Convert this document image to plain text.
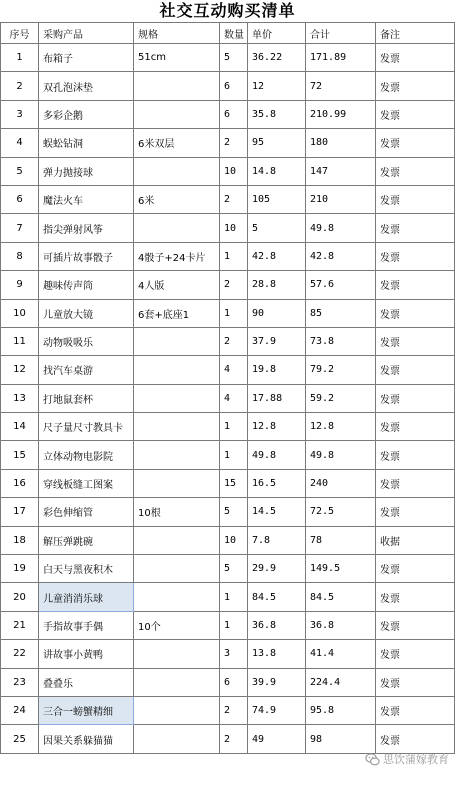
社交互动购买清单
序号	采购产品	规格	数量	单价	合计	备注
1	布箱子	51cm	5	36.22	171.89	发票
2	双孔泡沫垫		6	12	72	发票
3	多彩企鹅		6	35.8	210.99	发票
4	蜈蚣钻洞	6米双层	2	95	180	发票
5	弹力抛接球		10	14.8	147	发票
6	魔法火车	6米	2	105	210	发票
7	指尖弹射风筝		10	5	49.8	发票
8	可插片故事骰子	4骰子+24卡片	1	42.8	42.8	发票
9	趣味传声筒	4人版	2	28.8	57.6	发票
10	儿童放大镜	6套+底座1	1	90	85	发票
11	动物吸吸乐		2	37.9	73.8	发票
12	找汽车桌游		4	19.8	79.2	发票
13	打地鼠套杯		4	17.88	59.2	发票
14	尺子量尺寸教具卡		1	12.8	12.8	发票
15	立体动物电影院		1	49.8	49.8	发票
16	穿线板缝工图案		15	16.5	240	发票
17	彩色伸缩管	10根	5	14.5	72.5	发票
18	解压弹跳碗		10	7.8	78	收据
19	白天与黑夜积木		5	29.9	149.5	发票
20	儿童消消乐球		1	84.5	84.5	发票
21	手指故事手偶	10个	1	36.8	36.8	发票
22	讲故事小黄鸭		3	13.8	41.4	发票
23	叠叠乐		6	39.9	224.4	发票
24	三合一螃蟹精细		2	74.9	95.8	发票
25	因果关系躲猫猫		2	49	98	发票
思饮蒲嫁教育
